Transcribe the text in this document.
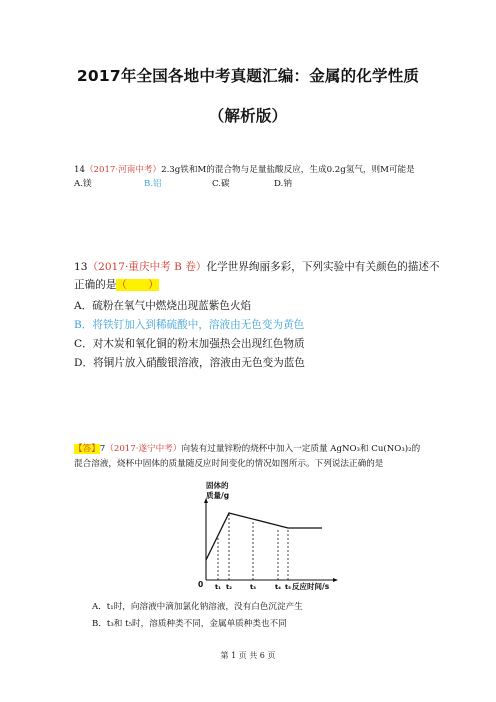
2017年全国各地中考真题汇编：金属的化学性质
（解析版）
14（2017·河南中考）2.3g铁和M的混合物与足量盐酸反应，生成0.2g氢气，则M可能是
A.镁	B.铝	C.碳	D.钠
13（2017·重庆中考 B 卷）化学世界绚丽多彩，下列实验中有关颜色的描述不
正确的是（　　）
A．硫粉在氧气中燃烧出现蓝紫色火焰
B．将铁钉加入到稀硫酸中，溶液由无色变为黄色
C．对木炭和氧化铜的粉末加强热会出现红色物质
D．将铜片放入硝酸银溶液，溶液由无色变为蓝色
【答】7（2017·遂宁中考）向装有过量锌粉的烧杯中加入一定质量 AgNO₃和 Cu(NO₃)₂的
混合溶液，烧杯中固体的质量随反应时间变化的情况如图所示。下列说法正确的是
固体的
质量/g
0	反应时间/s
t₁ t₂	t₃	t₄ t₅
A．t₁时，向溶液中滴加氯化钠溶液，没有白色沉淀产生
B．t₃和 t₅时，溶质种类不同，金属单质种类也不同
第 1 页 共 6 页
